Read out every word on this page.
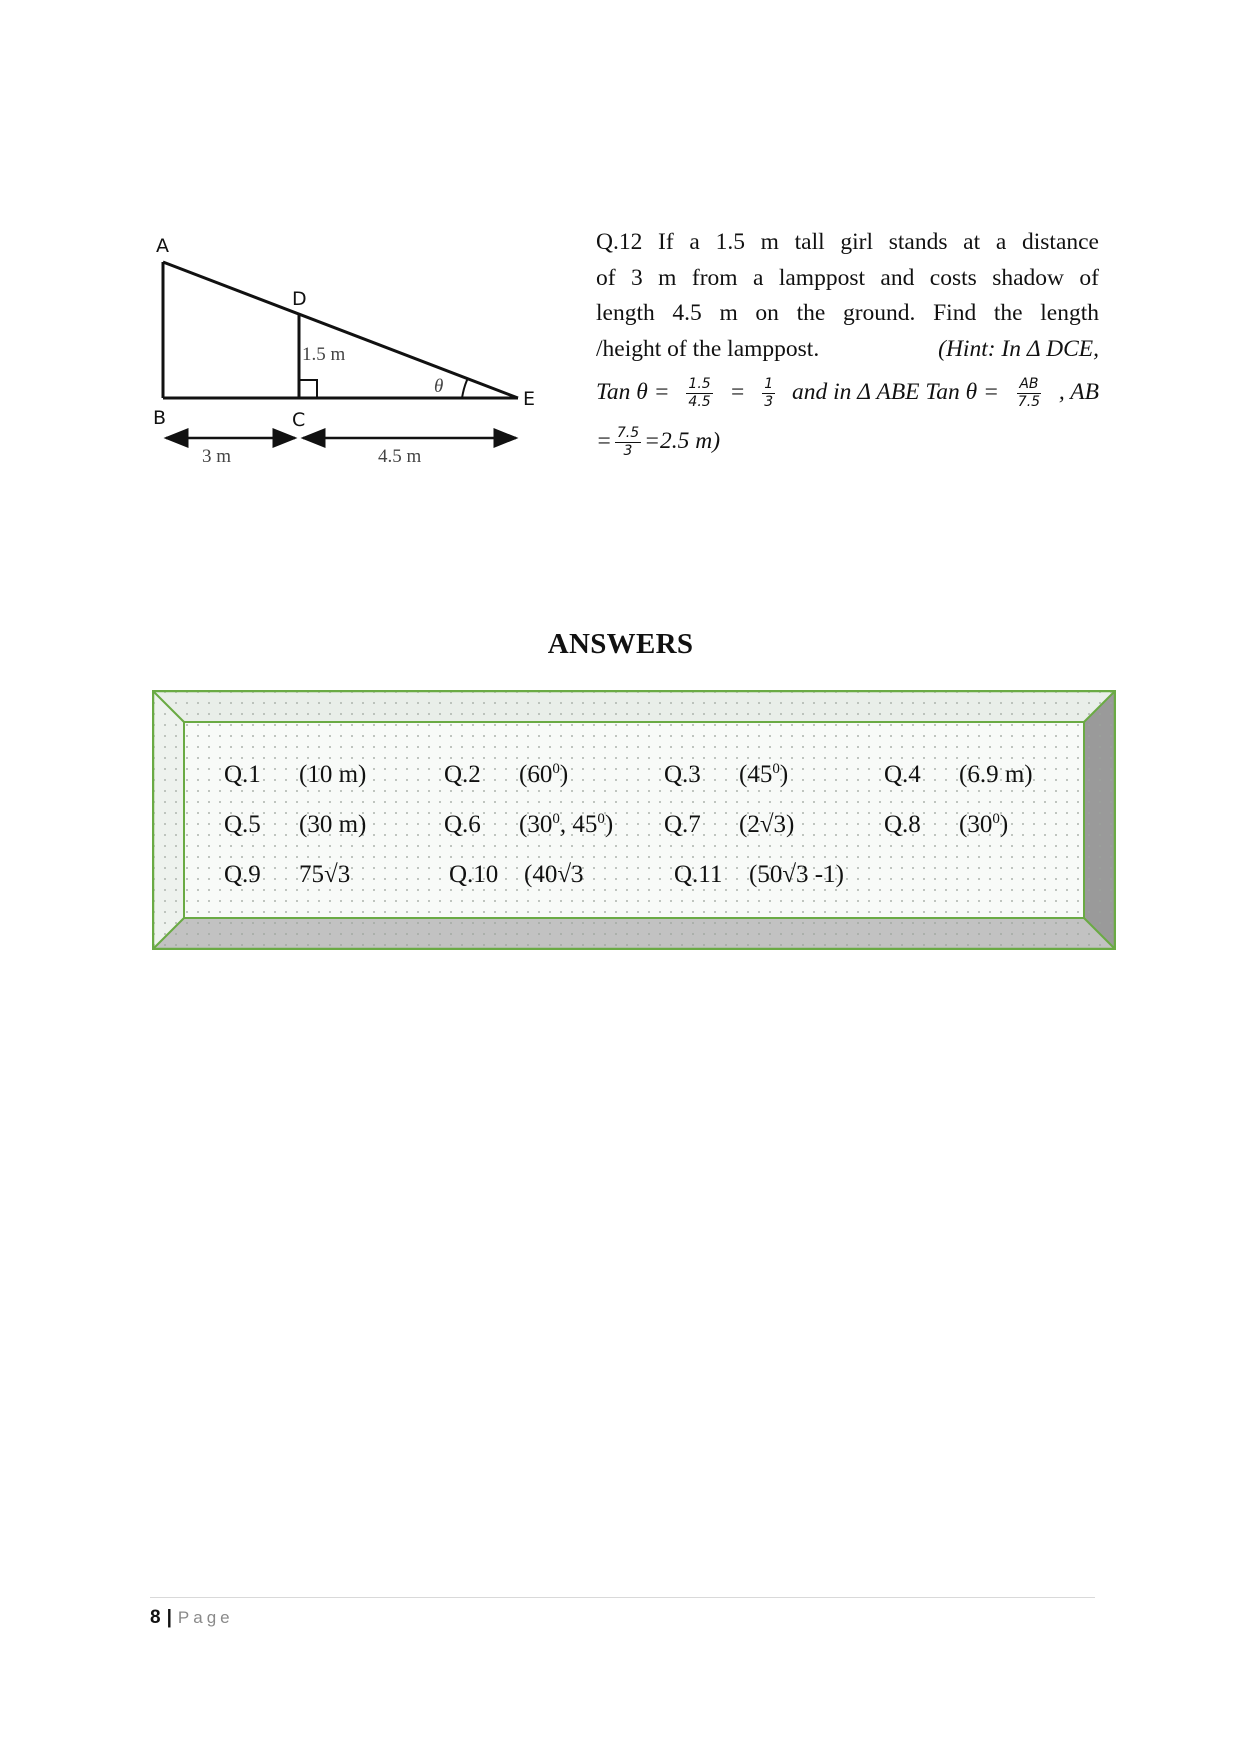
A
D
B	C
E
1.5 m
θ
3 m	4.5 m
Q.12 If a 1.5 m tall girl stands at a distance
of 3 m from a lamppost and costs shadow of
length 4.5 m on the ground. Find the length
/height of the lamppost.	(Hint: In Δ DCE,
Tan $\theta = \frac{1.5}{4.5} = \frac{1}{3}$ and in Δ ABE Tan $\theta = \frac{AB}{7.5}$ , AB
= $\frac{7.5}{3} =2.5$ m)
ANSWERS
Q.1	(10 m)	Q.2	$(60^0)$	Q.3	$(45^0)$	Q.4	(6.9 m)
Q.5	(30 m)	Q.6	($30^0$, $45^0$) Q.7	(2√3)	Q.8	$(30^0)$
Q.9	75√3	Q.10	(40√3	Q.11	(50√3 -1)
8 | Page
